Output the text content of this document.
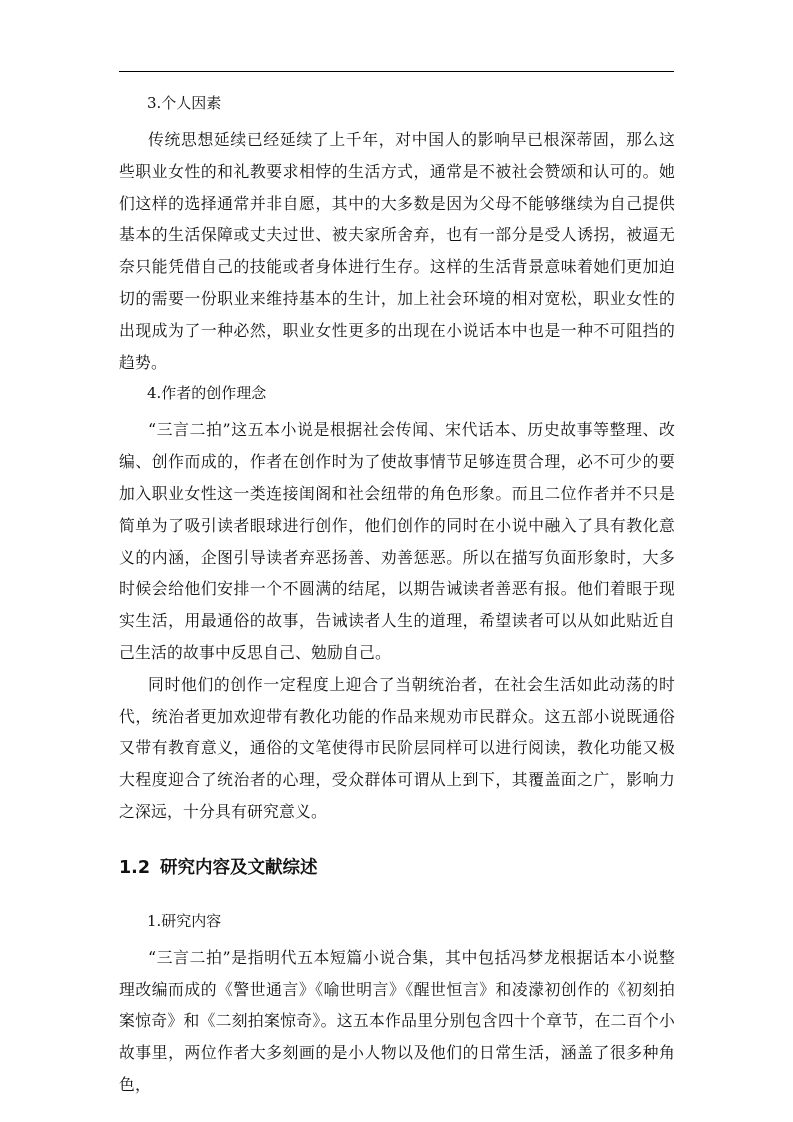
3.个人因素

传统思想延续已经延续了上千年，对中国人的影响早已根深蒂固，那么这些职业女性的和礼教要求相悖的生活方式，通常是不被社会赞颂和认可的。她们这样的选择通常并非自愿，其中的大多数是因为父母不能够继续为自己提供基本的生活保障或丈夫过世、被夫家所舍弃，也有一部分是受人诱拐，被逼无奈只能凭借自己的技能或者身体进行生存。这样的生活背景意味着她们更加迫切的需要一份职业来维持基本的生计，加上社会环境的相对宽松，职业女性的出现成为了一种必然，职业女性更多的出现在小说话本中也是一种不可阻挡的趋势。

4.作者的创作理念

“三言二拍”这五本小说是根据社会传闻、宋代话本、历史故事等整理、改编、创作而成的，作者在创作时为了使故事情节足够连贯合理，必不可少的要加入职业女性这一类连接闺阁和社会纽带的角色形象。而且二位作者并不只是简单为了吸引读者眼球进行创作，他们创作的同时在小说中融入了具有教化意义的内涵，企图引导读者弃恶扬善、劝善惩恶。所以在描写负面形象时，大多时候会给他们安排一个不圆满的结尾，以期告诫读者善恶有报。他们着眼于现实生活，用最通俗的故事，告诫读者人生的道理，希望读者可以从如此贴近自己生活的故事中反思自己、勉励自己。

同时他们的创作一定程度上迎合了当朝统治者，在社会生活如此动荡的时代，统治者更加欢迎带有教化功能的作品来规劝市民群众。这五部小说既通俗又带有教育意义，通俗的文笔使得市民阶层同样可以进行阅读，教化功能又极大程度迎合了统治者的心理，受众群体可谓从上到下，其覆盖面之广，影响力之深远，十分具有研究意义。

1.2 研究内容及文献综述

1.研究内容

“三言二拍”是指明代五本短篇小说合集，其中包括冯梦龙根据话本小说整理改编而成的《警世通言》《喻世明言》《醒世恒言》和凌濛初创作的《初刻拍案惊奇》和《二刻拍案惊奇》。这五本作品里分别包含四十个章节，在二百个小故事里，两位作者大多刻画的是小人物以及他们的日常生活，涵盖了很多种角色，
